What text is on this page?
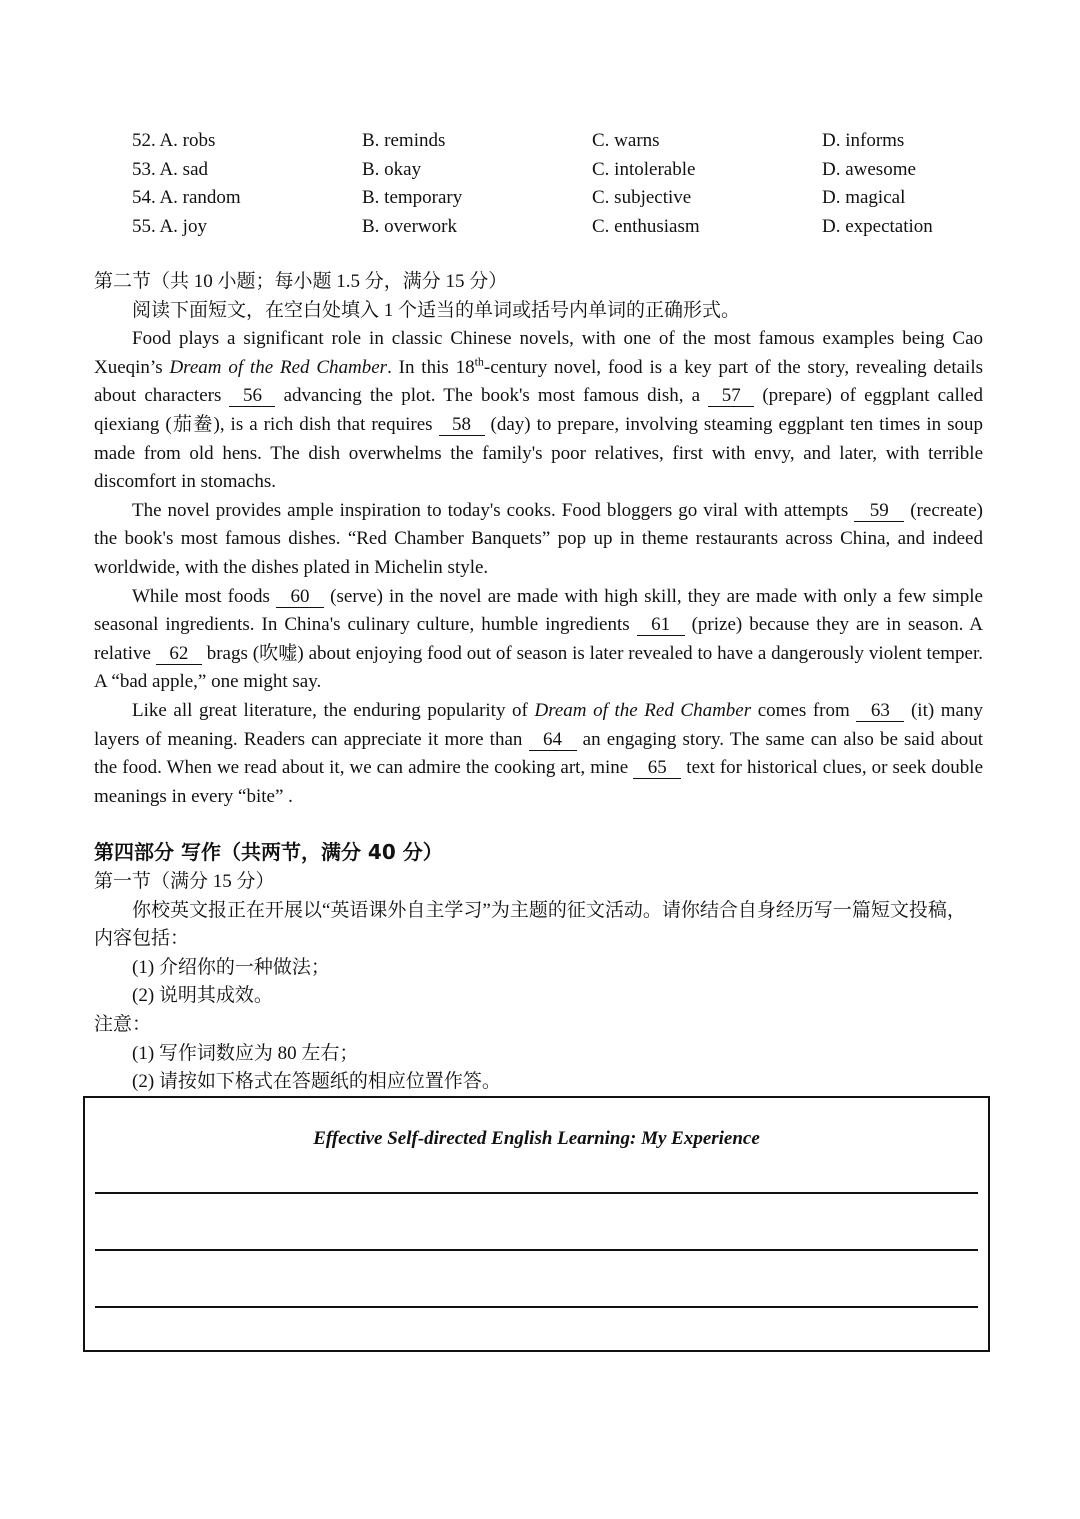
52. A. robs	B. reminds	C. warns	D. informs
53. A. sad	B. okay	C. intolerable	D. awesome
54. A. random	B. temporary	C. subjective	D. magical
55. A. joy	B. overwork	C. enthusiasm	D. expectation

第二节（共 10 小题；每小题 1.5 分，满分 15 分）

阅读下面短文，在空白处填入 1 个适当的单词或括号内单词的正确形式。

Food plays a significant role in classic Chinese novels, with one of the most famous examples being Cao Xueqin’s Dream of the Red Chamber. In this 18th-century novel, food is a key part of the story, revealing details about characters 56 advancing the plot. The book's most famous dish, a 57 (prepare) of eggplant called qiexiang (茄鲞), is a rich dish that requires 58 (day) to prepare, involving steaming eggplant ten times in soup made from old hens. The dish overwhelms the family's poor relatives, first with envy, and later, with terrible discomfort in stomachs.

The novel provides ample inspiration to today's cooks. Food bloggers go viral with attempts 59 (recreate) the book's most famous dishes. “Red Chamber Banquets” pop up in theme restaurants across China, and indeed worldwide, with the dishes plated in Michelin style.

While most foods 60 (serve) in the novel are made with high skill, they are made with only a few simple seasonal ingredients. In China's culinary culture, humble ingredients 61 (prize) because they are in season. A relative 62 brags (吹嘘) about enjoying food out of season is later revealed to have a dangerously violent temper. A “bad apple,” one might say.

Like all great literature, the enduring popularity of Dream of the Red Chamber comes from 63 (it) many layers of meaning. Readers can appreciate it more than 64 an engaging story. The same can also be said about the food. When we read about it, we can admire the cooking art, mine 65 text for historical clues, or seek double meanings in every “bite” .

第四部分 写作（共两节，满分 40 分）

第一节（满分 15 分）

你校英文报正在开展以“英语课外自主学习”为主题的征文活动。请你结合自身经历写一篇短文投稿，内容包括：

(1) 介绍你的一种做法；

(2) 说明其成效。

注意：

(1) 写作词数应为 80 左右；

(2) 请按如下格式在答题纸的相应位置作答。

Effective Self-directed English Learning: My Experience
